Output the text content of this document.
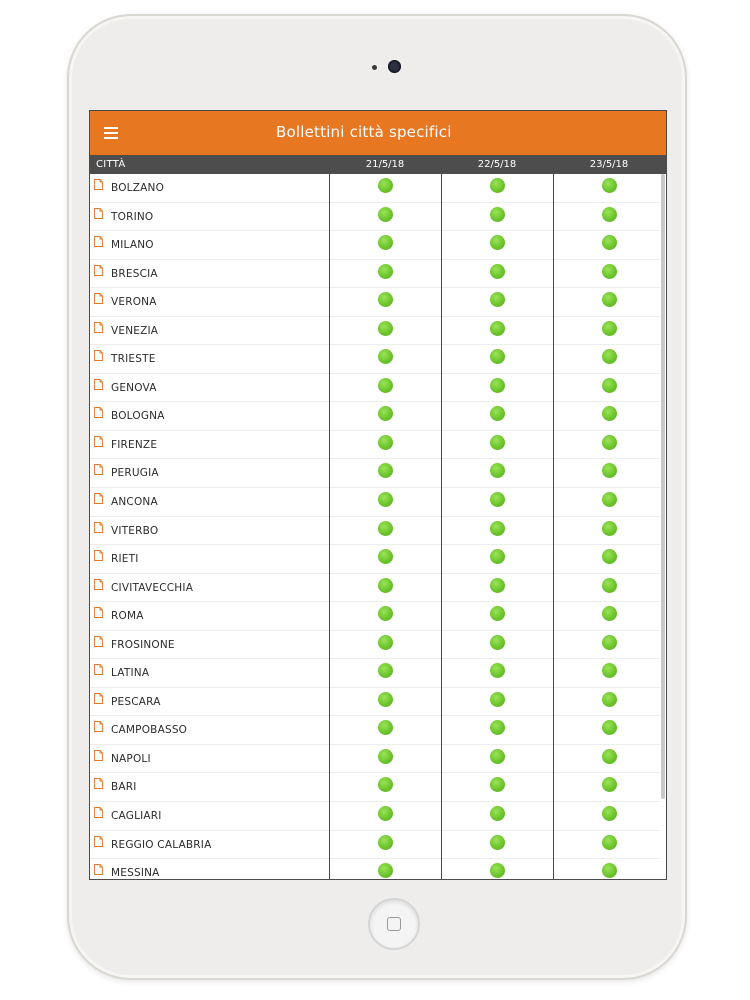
Bollettini città specifici
CITTÀ	21/5/18	22/5/18	23/5/18
BOLZANO
TORINO
MILANO
BRESCIA
VERONA
VENEZIA
TRIESTE
GENOVA
BOLOGNA
FIRENZE
PERUGIA
ANCONA
VITERBO
RIETI
CIVITAVECCHIA
ROMA
FROSINONE
LATINA
PESCARA
CAMPOBASSO
NAPOLI
BARI
CAGLIARI
REGGIO CALABRIA
MESSINA
